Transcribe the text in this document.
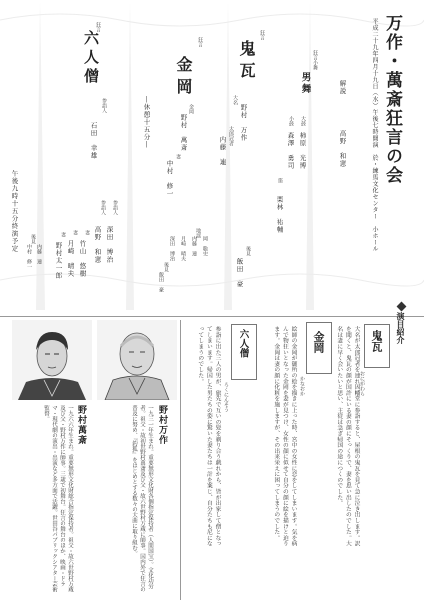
万作・萬斎狂言の会
平成二十九年四月十九日（水）午後七時開演　於・練馬文化センター　小ホール
解説
高野　和憲
狂言小舞
男舞
大鼓
柿原　光博
小鼓
森澤　勇司
笛
栗林　祐輔
狂言
鬼瓦
大名
野村　万作
太郎冠者
内藤　連
後見
飯田　豪
狂言
金岡
金岡
野村　萬斎
妻
中村　修一
地謡
岡　聡史
内藤　連
月崎　晴夫
深田　博治
後見
飯田　豪
―休憩十五分―
狂言
六人僧
参詣人
石田　幸雄
参詣人
深田　博治
参詣人
高野　和憲
妻
竹山　悠樹
妻
月崎　晴夫
妻
野村太一郎
後見
内藤　連
中村　修一
午後九時十五分終演予定
演目紹介
鬼瓦
おにがわら
大名が太郎冠者を連れ因幡堂に参詣すると、屋根の鬼瓦を見て急に泣き出します。訳を聞くと、鬼瓦の顔が国許にいる妻の顔にそっくりで、妻を思い出したのでした。大名は妻に早く会いたいと思い、主従は急ぎ帰国の途につくのでした。
金岡
かなおか
絵師の金岡が御所の絵を描きに上った時、宮中の女性に恋をしてしまいます。気を病んで物狂いとなった金岡を妻が見つけ、女性の顔に似せて自分の顔に絵を描けと迫ります。金岡は妻の顔に化粧を施しますが、その出来栄えに困ってしまうのでした。
六人僧
ろくにんそう
参詣に出た三人の男が、旅先で互いの髪を剃り合う戯れから、皆が出家して僧となってしまいます。帰国した男たちの姿に驚いた妻たちは一計を案じ、自分たちも尼になってしまうのでした。
野村万作
一九三一年生まれ。重要無形文化財各個指定保持者（人間国宝）。文化功労者。祖父・故初世野村萬斎及び父・故六世野村万蔵に師事。国内外で狂言の普及に努め、『釣狐』をはじめとする数々の大曲に取り組む。
野村萬斎
一九六六年生まれ。重要無形文化財総合指定保持者。祖父・故六世野村万蔵及び父・野村万作に師事。三歳で初舞台。狂言の舞台のほか、映画・ドラマ・現代劇の演出・出演など多方面で活躍。世田谷パブリックシアター芸術監督。
